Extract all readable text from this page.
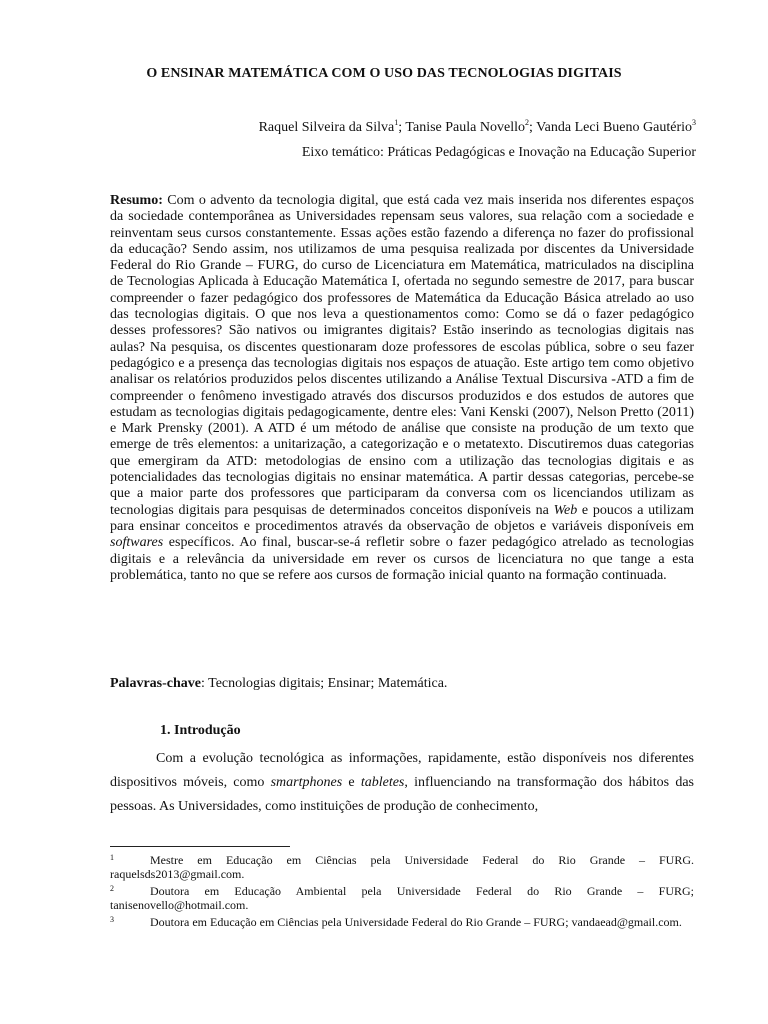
O ENSINAR MATEMÁTICA COM O USO DAS TECNOLOGIAS DIGITAIS
Raquel Silveira da Silva$^1$; Tanise Paula Novello$^2$; Vanda Leci Bueno Gautério$^3$
Eixo temático: Práticas Pedagógicas e Inovação na Educação Superior

Resumo: Com o advento da tecnologia digital, que está cada vez mais inserida nos diferentes espaços da sociedade contemporânea as Universidades repensam seus valores, sua relação com a sociedade e reinventam seus cursos constantemente. Essas ações estão fazendo a diferença no fazer do profissional da educação? Sendo assim, nos utilizamos de uma pesquisa realizada por discentes da Universidade Federal do Rio Grande – FURG, do curso de Licenciatura em Matemática, matriculados na disciplina de Tecnologias Aplicada à Educação Matemática I, ofertada no segundo semestre de 2017, para buscar compreender o fazer pedagógico dos professores de Matemática da Educação Básica atrelado ao uso das tecnologias digitais. O que nos leva a questionamentos como: Como se dá o fazer pedagógico desses professores? São nativos ou imigrantes digitais? Estão inserindo as tecnologias digitais nas aulas? Na pesquisa, os discentes questionaram doze professores de escolas pública, sobre o seu fazer pedagógico e a presença das tecnologias digitais nos espaços de atuação. Este artigo tem como objetivo analisar os relatórios produzidos pelos discentes utilizando a Análise Textual Discursiva -ATD a fim de compreender o fenômeno investigado através dos discursos produzidos e dos estudos de autores que estudam as tecnologias digitais pedagogicamente, dentre eles: Vani Kenski (2007), Nelson Pretto (2011) e Mark Prensky (2001). A ATD é um método de análise que consiste na produção de um texto que emerge de três elementos: a unitarização, a categorização e o metatexto. Discutiremos duas categorias que emergiram da ATD: metodologias de ensino com a utilização das tecnologias digitais e as potencialidades das tecnologias digitais no ensinar matemática. A partir dessas categorias, percebe-se que a maior parte dos professores que participaram da conversa com os licenciandos utilizam as tecnologias digitais para pesquisas de determinados conceitos disponíveis na Web e poucos a utilizam para ensinar conceitos e procedimentos através da observação de objetos e variáveis disponíveis em softwares específicos. Ao final, buscar-se-á refletir sobre o fazer pedagógico atrelado as tecnologias digitais e a relevância da universidade em rever os cursos de licenciatura no que tange a esta problemática, tanto no que se refere aos cursos de formação inicial quanto na formação continuada.

Palavras-chave: Tecnologias digitais; Ensinar; Matemática.

1. Introdução

Com a evolução tecnológica as informações, rapidamente, estão disponíveis nos diferentes dispositivos móveis, como smartphones e tabletes, influenciando na transformação dos hábitos das pessoas. As Universidades, como instituições de produção de conhecimento,

1	Mestre em Educação em Ciências pela Universidade Federal do Rio Grande – FURG. raquelsds2013@gmail.com.

2	Doutora em Educação Ambiental pela Universidade Federal do Rio Grande – FURG; tanisenovello@hotmail.com.

3	Doutora em Educação em Ciências pela Universidade Federal do Rio Grande – FURG; vandaead@gmail.com.
